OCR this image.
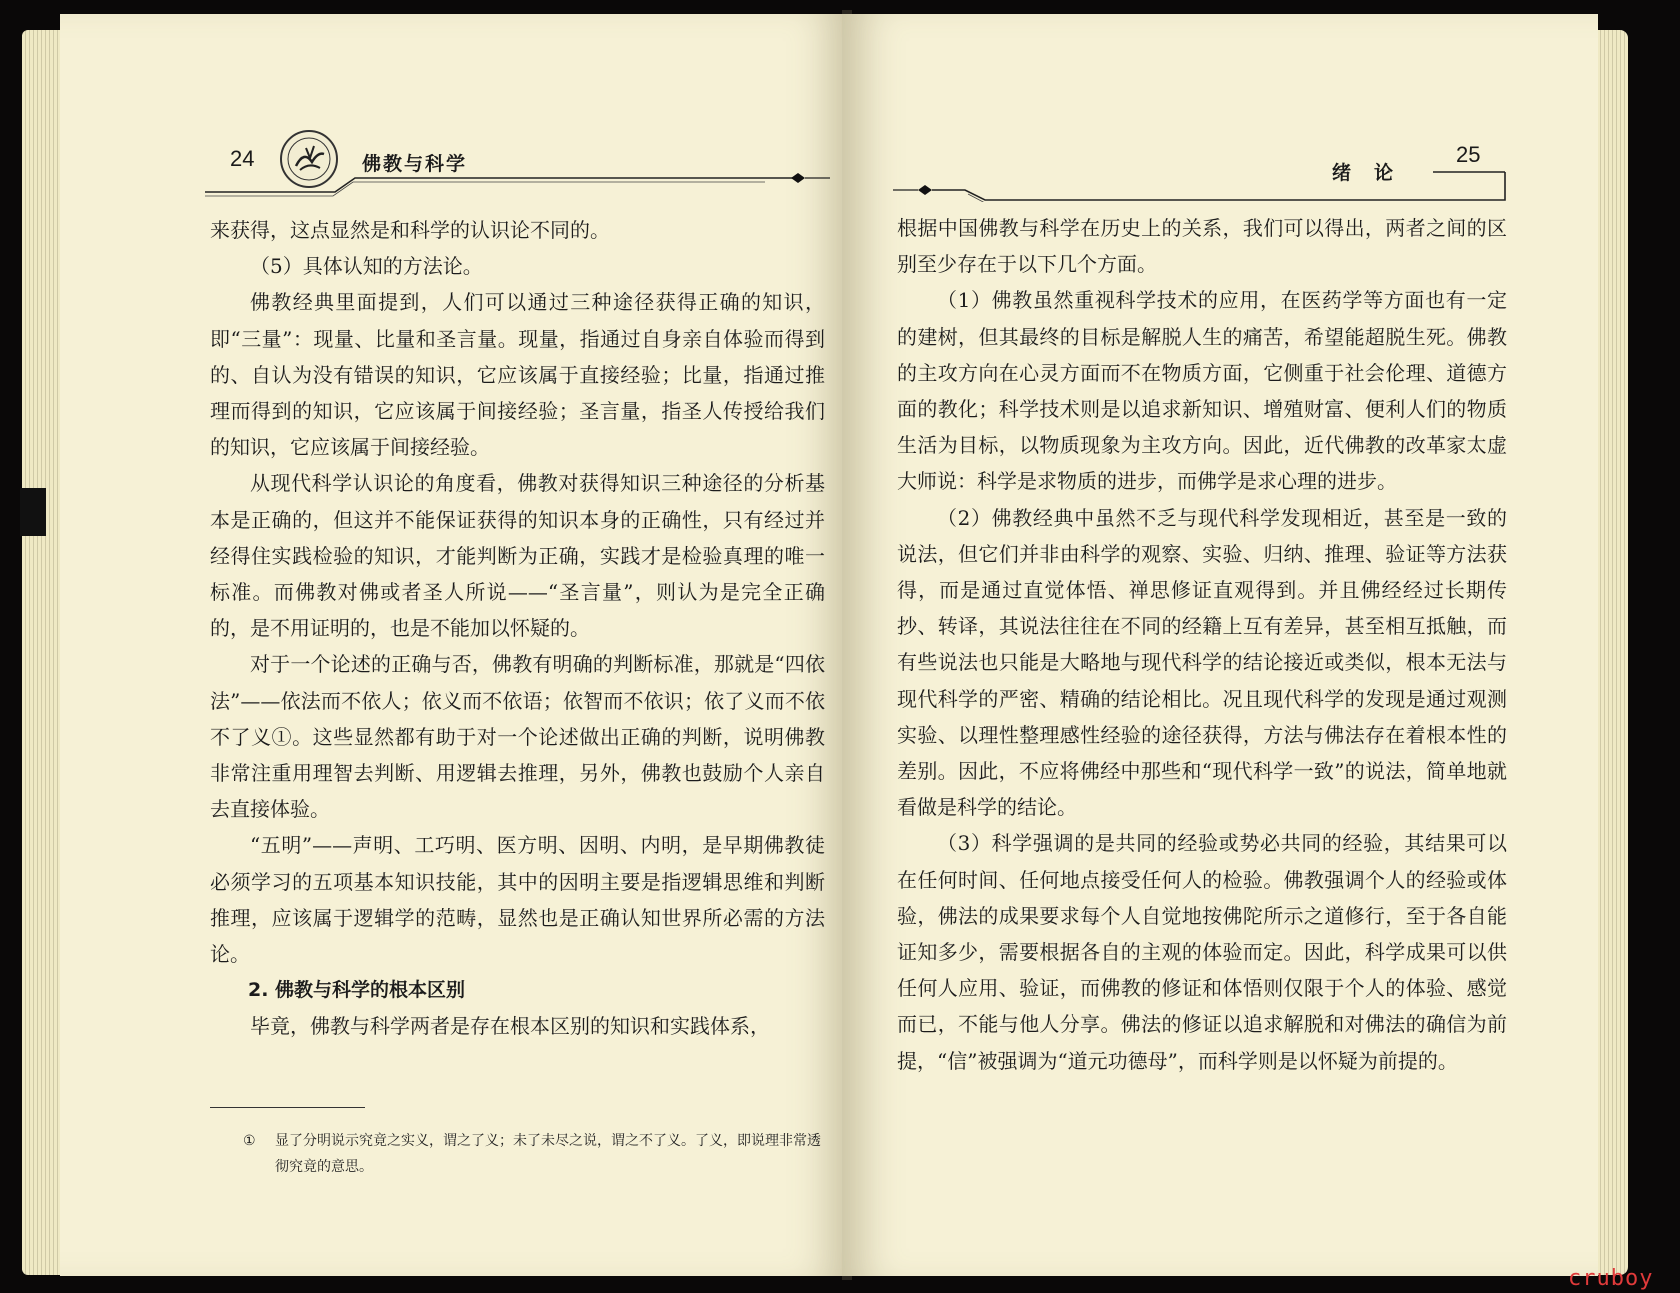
24	佛教与科学

来获得，这点显然是和科学的认识论不同的。

（5）具体认知的方法论。

佛教经典里面提到，人们可以通过三种途径获得正确的知识，即“三量”：现量、比量和圣言量。现量，指通过自身亲自体验而得到的、自认为没有错误的知识，它应该属于直接经验；比量，指通过推理而得到的知识，它应该属于间接经验；圣言量，指圣人传授给我们的知识，它应该属于间接经验。

从现代科学认识论的角度看，佛教对获得知识三种途径的分析基本是正确的，但这并不能保证获得的知识本身的正确性，只有经过并经得住实践检验的知识，才能判断为正确，实践才是检验真理的唯一标准。而佛教对佛或者圣人所说——“圣言量”，则认为是完全正确的，是不用证明的，也是不能加以怀疑的。

对于一个论述的正确与否，佛教有明确的判断标准，那就是“四依法”——依法而不依人；依义而不依语；依智而不依识；依了义而不依不了义①。这些显然都有助于对一个论述做出正确的判断，说明佛教非常注重用理智去判断、用逻辑去推理，另外，佛教也鼓励个人亲自去直接体验。

“五明”——声明、工巧明、医方明、因明、内明，是早期佛教徒必须学习的五项基本知识技能，其中的因明主要是指逻辑思维和判断推理，应该属于逻辑学的范畴，显然也是正确认知世界所必需的方法论。

2. 佛教与科学的根本区别

毕竟，佛教与科学两者是存在根本区别的知识和实践体系，

①	显了分明说示究竟之实义，谓之了义；未了未尽之说，谓之不了义。了义，即说理非常透彻究竟的意思。
绪　论
25

根据中国佛教与科学在历史上的关系，我们可以得出，两者之间的区别至少存在于以下几个方面。

（1）佛教虽然重视科学技术的应用，在医药学等方面也有一定的建树，但其最终的目标是解脱人生的痛苦，希望能超脱生死。佛教的主攻方向在心灵方面而不在物质方面，它侧重于社会伦理、道德方面的教化；科学技术则是以追求新知识、增殖财富、便利人们的物质生活为目标，以物质现象为主攻方向。因此，近代佛教的改革家太虚大师说：科学是求物质的进步，而佛学是求心理的进步。

（2）佛教经典中虽然不乏与现代科学发现相近，甚至是一致的说法，但它们并非由科学的观察、实验、归纳、推理、验证等方法获得，而是通过直觉体悟、禅思修证直观得到。并且佛经经过长期传抄、转译，其说法往往在不同的经籍上互有差异，甚至相互抵触，而有些说法也只能是大略地与现代科学的结论接近或类似，根本无法与现代科学的严密、精确的结论相比。况且现代科学的发现是通过观测实验、以理性整理感性经验的途径获得，方法与佛法存在着根本性的差别。因此，不应将佛经中那些和“现代科学一致”的说法，简单地就看做是科学的结论。

（3）科学强调的是共同的经验或势必共同的经验，其结果可以在任何时间、任何地点接受任何人的检验。佛教强调个人的经验或体验，佛法的成果要求每个人自觉地按佛陀所示之道修行，至于各自能证知多少，需要根据各自的主观的体验而定。因此，科学成果可以供任何人应用、验证，而佛教的修证和体悟则仅限于个人的体验、感觉而已，不能与他人分享。佛法的修证以追求解脱和对佛法的确信为前提，“信”被强调为“道元功德母”，而科学则是以怀疑为前提的。

cruboy
